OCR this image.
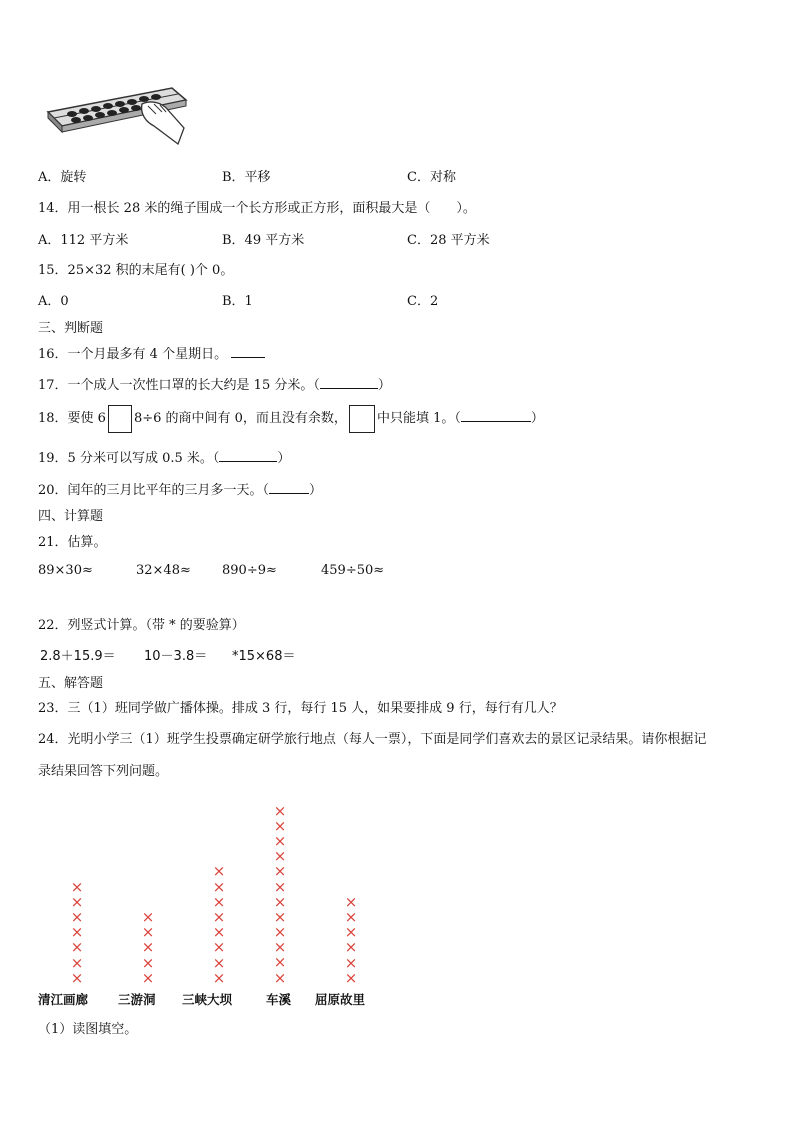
A．旋转	B．平移	C．对称
14．用一根长 28 米的绳子围成一个长方形或正方形，面积最大是（　　）。
A．112 平方米	B．49 平方米	C．28 平方米
15．25×32 积的末尾有( )个 0。
A．0	B．1	C．2
三、判断题
16．一个月最多有 4 个星期日。
17．一个成人一次性口罩的长大约是 15 分米。（	）
18．要使 6 8÷6 的商中间有 0，而且没有余数， 中只能填 1。（	）
19．5 分米可以写成 0.5 米。（	）
20．闰年的三月比平年的三月多一天。（	）
四、计算题
21．估算。
89×30≈	32×48≈ 890÷9≈	459÷50≈
22．列竖式计算。（带 * 的要验算）
2.8＋15.9＝ 10－3.8＝ *15×68＝
五、解答题
23．三（1）班同学做广播体操。排成 3 行，每行 15 人，如果要排成 9 行，每行有几人？
24．光明小学三（1）班学生投票确定研学旅行地点（每人一票），下面是同学们喜欢去的景区记录结果。请你根据记
录结果回答下列问题。
×
×
×
×
×
×
×
清江画廊
×
×
×
×
×
三游洞
×
×
×
×
×
×
×
×
三峡大坝
×
×
×
×
×
×
×
×
×
×
×
×
车溪
×
×
×
×
×
×
屈原故里
（1）读图填空。
